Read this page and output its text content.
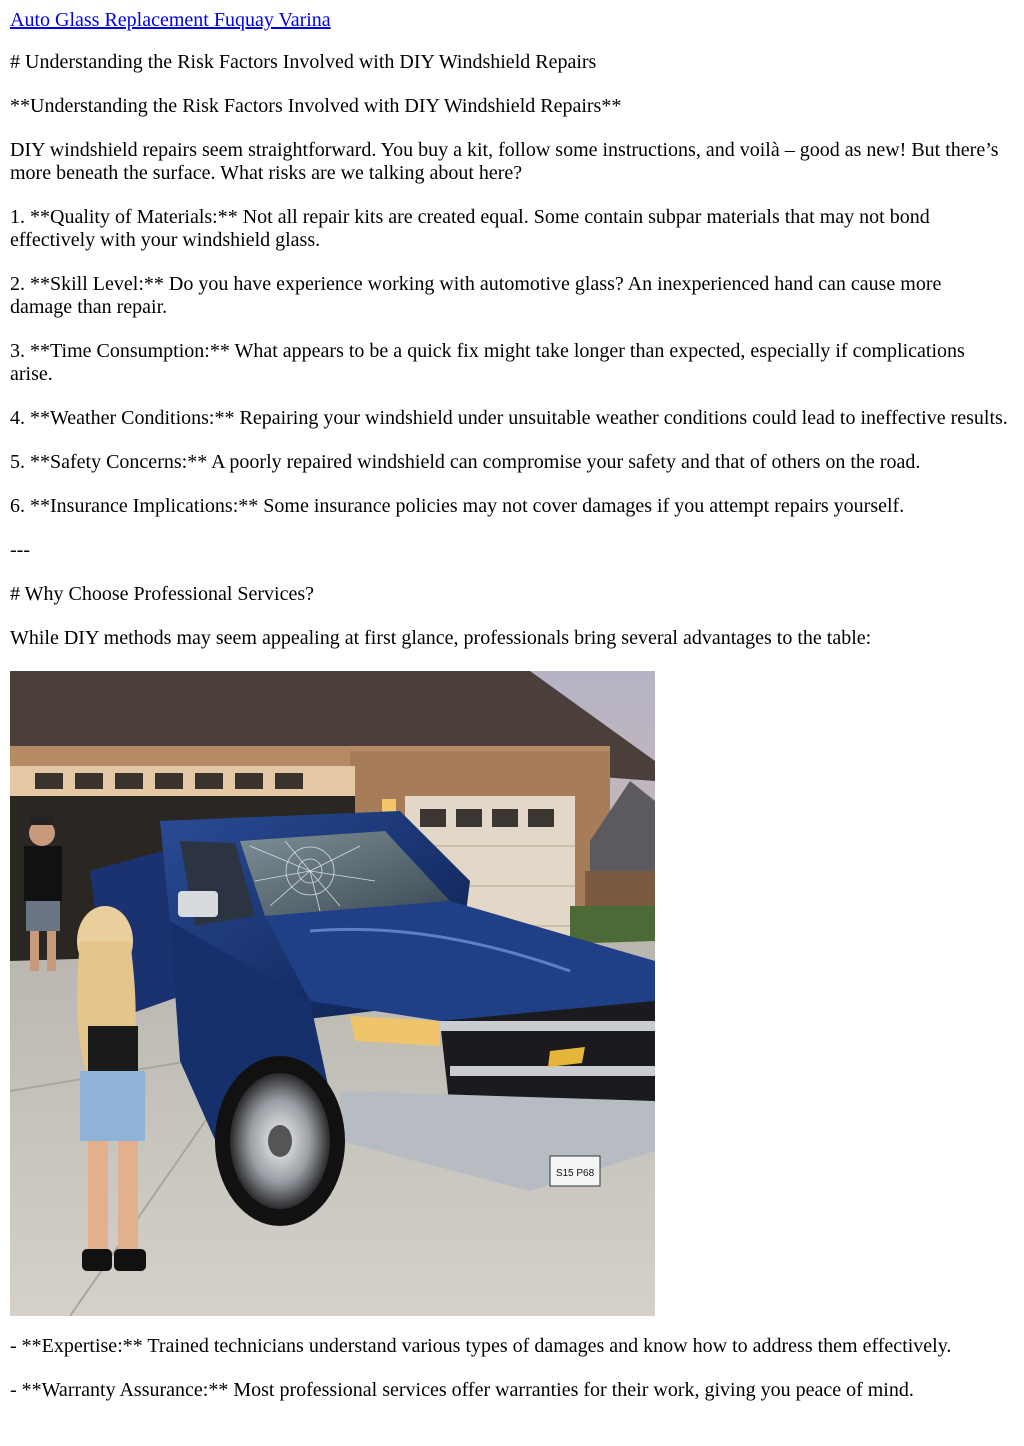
Auto Glass Replacement Fuquay Varina

# Understanding the Risk Factors Involved with DIY Windshield Repairs

**Understanding the Risk Factors Involved with DIY Windshield Repairs**

DIY windshield repairs seem straightforward. You buy a kit, follow some instructions, and voilà – good as new! But there’s more beneath the surface. What risks are we talking about here?

1. **Quality of Materials:** Not all repair kits are created equal. Some contain subpar materials that may not bond effectively with your windshield glass.

2. **Skill Level:** Do you have experience working with automotive glass? An inexperienced hand can cause more damage than repair.

3. **Time Consumption:** What appears to be a quick fix might take longer than expected, especially if complications arise.

4. **Weather Conditions:** Repairing your windshield under unsuitable weather conditions could lead to ineffective results.

5. **Safety Concerns:** A poorly repaired windshield can compromise your safety and that of others on the road.

6. **Insurance Implications:** Some insurance policies may not cover damages if you attempt repairs yourself.

---

# Why Choose Professional Services?

While DIY methods may seem appealing at first glance, professionals bring several advantages to the table:

S15 P68

- **Expertise:** Trained technicians understand various types of damages and know how to address them effectively.

- **Warranty Assurance:** Most professional services offer warranties for their work, giving you peace of mind.
